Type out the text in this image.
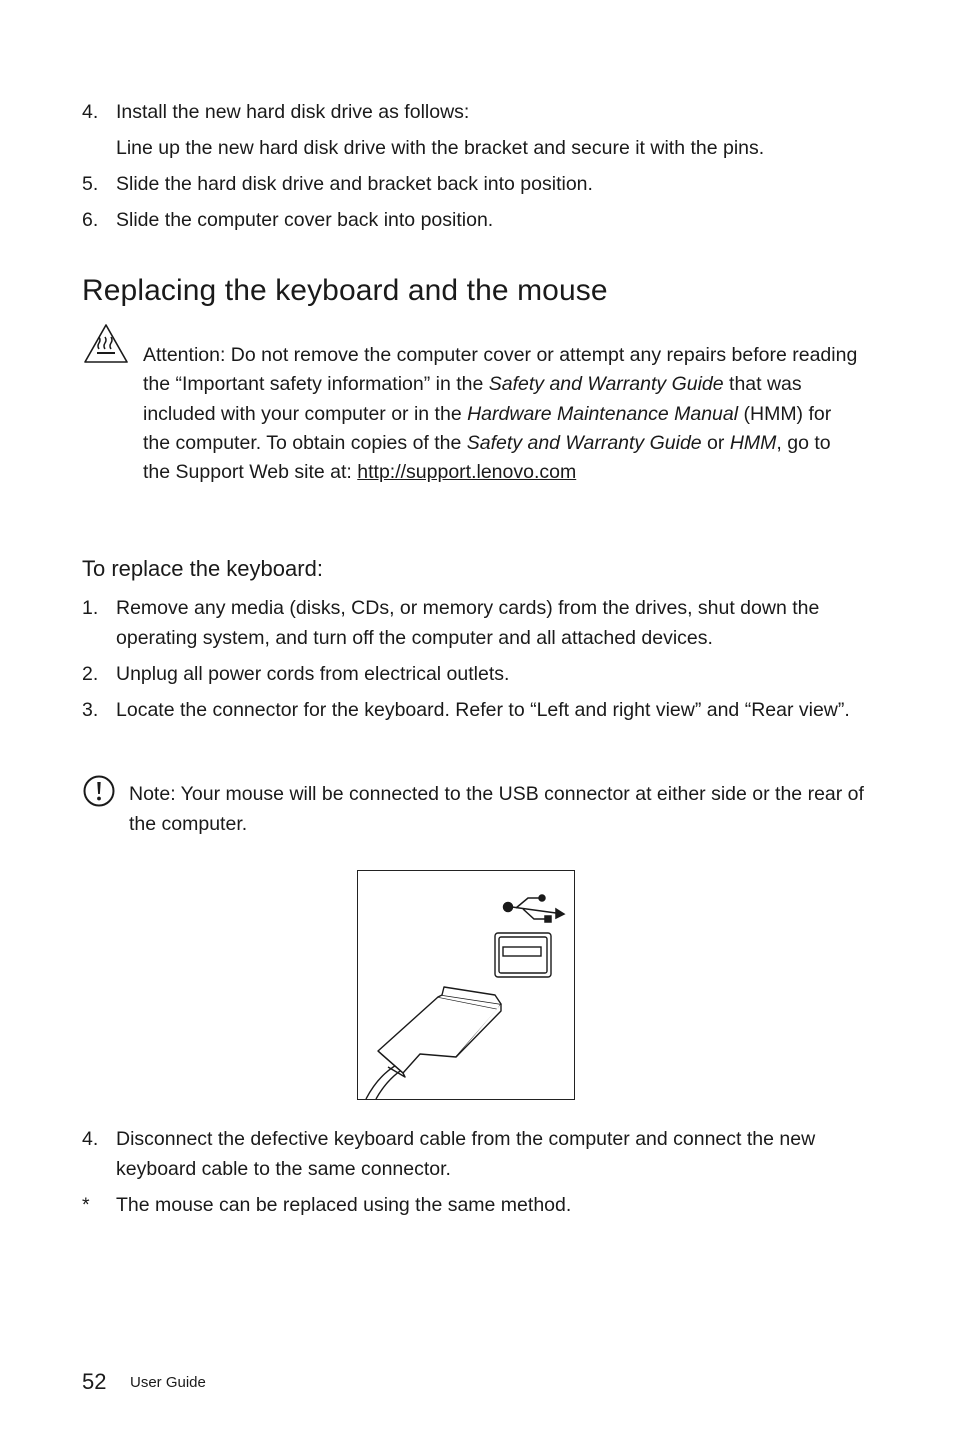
4. Install the new hard disk drive as follows:
Line up the new hard disk drive with the bracket and secure it with the pins.
5. Slide the hard disk drive and bracket back into position.
6. Slide the computer cover back into position.
Replacing the keyboard and the mouse
Attention: Do not remove the computer cover or attempt any repairs before reading the “Important safety information” in the Safety and Warranty Guide that was included with your computer or in the Hardware Maintenance Manual (HMM) for the computer. To obtain copies of the Safety and Warranty Guide or HMM, go to the Support Web site at: http://support.lenovo.com
To replace the keyboard:
1. Remove any media (disks, CDs, or memory cards) from the drives, shut down the operating system, and turn off the computer and all attached devices.
2. Unplug all power cords from electrical outlets.
3. Locate the connector for the keyboard. Refer to “Left and right view” and “Rear view”.
Note: Your mouse will be connected to the USB connector at either side or the rear of the computer.
4. Disconnect the defective keyboard cable from the computer and connect the new keyboard cable to the same connector.
* The mouse can be replaced using the same method.
52 User Guide
